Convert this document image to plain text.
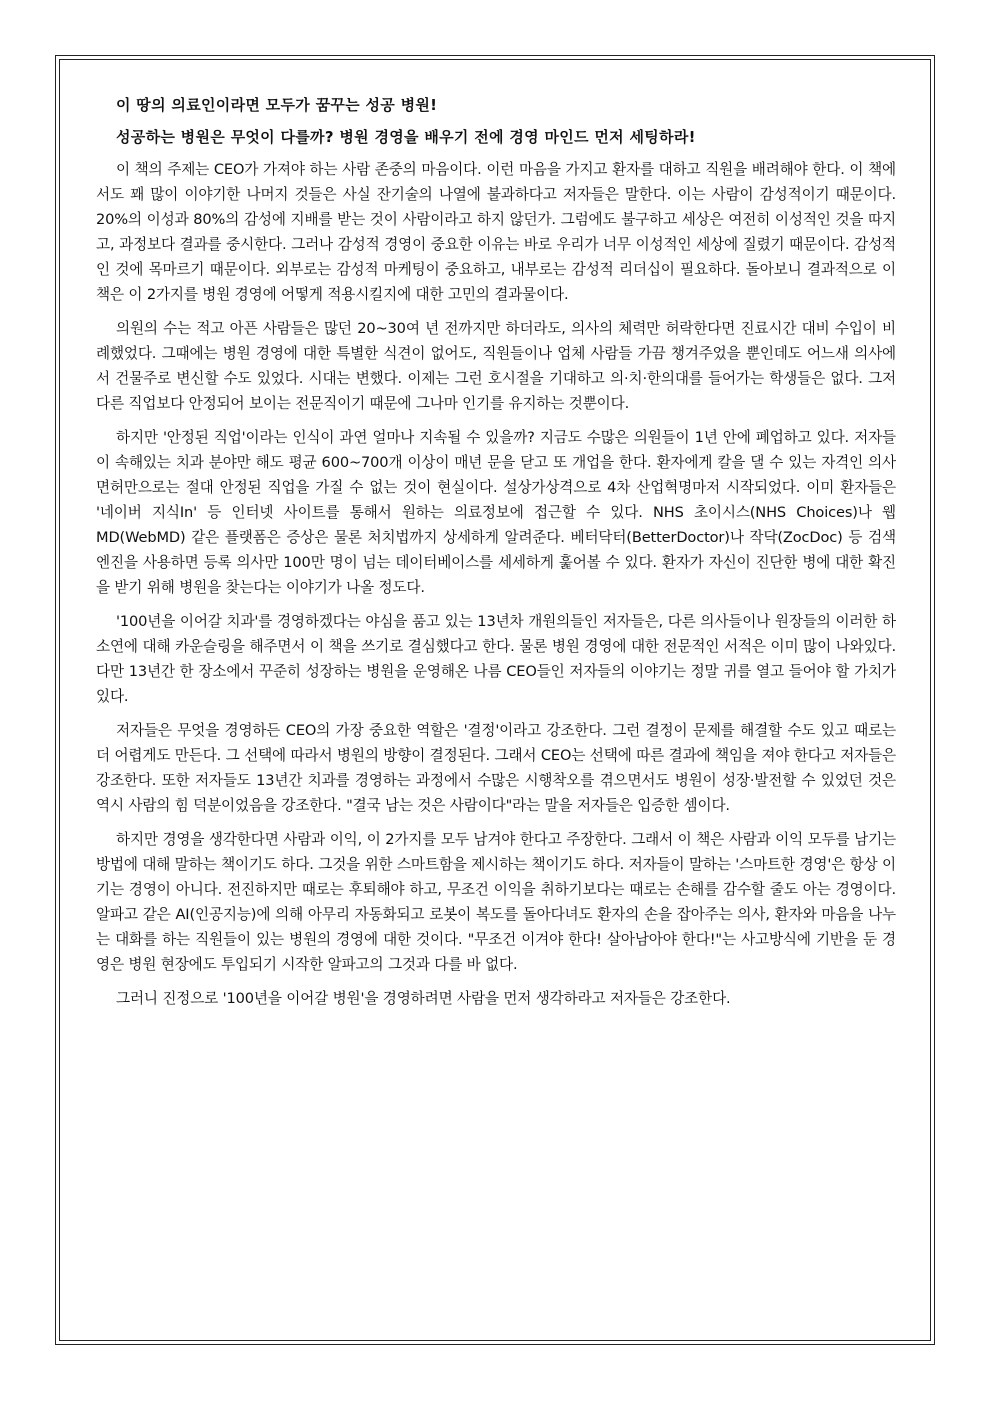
이 땅의 의료인이라면 모두가 꿈꾸는 성공 병원!

성공하는 병원은 무엇이 다를까? 병원 경영을 배우기 전에 경영 마인드 먼저 세팅하라!

이 책의 주제는 CEO가 가져야 하는 사람 존중의 마음이다. 이런 마음을 가지고 환자를 대하고 직원을 배려해야 한다. 이 책에서도 꽤 많이 이야기한 나머지 것들은 사실 잔기술의 나열에 불과하다고 저자들은 말한다. 이는 사람이 감성적이기 때문이다. 20%의 이성과 80%의 감성에 지배를 받는 것이 사람이라고 하지 않던가. 그럼에도 불구하고 세상은 여전히 이성적인 것을 따지고, 과정보다 결과를 중시한다. 그러나 감성적 경영이 중요한 이유는 바로 우리가 너무 이성적인 세상에 질렸기 때문이다. 감성적인 것에 목마르기 때문이다. 외부로는 감성적 마케팅이 중요하고, 내부로는 감성적 리더십이 필요하다. 돌아보니 결과적으로 이 책은 이 2가지를 병원 경영에 어떻게 적용시킬지에 대한 고민의 결과물이다.

의원의 수는 적고 아픈 사람들은 많던 20~30여 년 전까지만 하더라도, 의사의 체력만 허락한다면 진료시간 대비 수입이 비례했었다. 그때에는 병원 경영에 대한 특별한 식견이 없어도, 직원들이나 업체 사람들 가끔 챙겨주었을 뿐인데도 어느새 의사에서 건물주로 변신할 수도 있었다. 시대는 변했다. 이제는 그런 호시절을 기대하고 의·치·한의대를 들어가는 학생들은 없다. 그저 다른 직업보다 안정되어 보이는 전문직이기 때문에 그나마 인기를 유지하는 것뿐이다.

하지만 '안정된 직업'이라는 인식이 과연 얼마나 지속될 수 있을까? 지금도 수많은 의원들이 1년 안에 폐업하고 있다. 저자들이 속해있는 치과 분야만 해도 평균 600~700개 이상이 매년 문을 닫고 또 개업을 한다. 환자에게 칼을 댈 수 있는 자격인 의사면허만으로는 절대 안정된 직업을 가질 수 없는 것이 현실이다. 설상가상격으로 4차 산업혁명마저 시작되었다. 이미 환자들은 '네이버 지식In' 등 인터넷 사이트를 통해서 원하는 의료정보에 접근할 수 있다. NHS 초이시스(NHS Choices)나 웹MD(WebMD) 같은 플랫폼은 증상은 물론 처치법까지 상세하게 알려준다. 베터닥터(BetterDoctor)나 작닥(ZocDoc) 등 검색엔진을 사용하면 등록 의사만 100만 명이 넘는 데이터베이스를 세세하게 훑어볼 수 있다. 환자가 자신이 진단한 병에 대한 확진을 받기 위해 병원을 찾는다는 이야기가 나올 정도다.

'100년을 이어갈 치과'를 경영하겠다는 야심을 품고 있는 13년차 개원의들인 저자들은, 다른 의사들이나 원장들의 이러한 하소연에 대해 카운슬링을 해주면서 이 책을 쓰기로 결심했다고 한다. 물론 병원 경영에 대한 전문적인 서적은 이미 많이 나와있다. 다만 13년간 한 장소에서 꾸준히 성장하는 병원을 운영해온 나름 CEO들인 저자들의 이야기는 정말 귀를 열고 들어야 할 가치가 있다.

저자들은 무엇을 경영하든 CEO의 가장 중요한 역할은 '결정'이라고 강조한다. 그런 결정이 문제를 해결할 수도 있고 때로는 더 어렵게도 만든다. 그 선택에 따라서 병원의 방향이 결정된다. 그래서 CEO는 선택에 따른 결과에 책임을 져야 한다고 저자들은 강조한다. 또한 저자들도 13년간 치과를 경영하는 과정에서 수많은 시행착오를 겪으면서도 병원이 성장·발전할 수 있었던 것은 역시 사람의 힘 덕분이었음을 강조한다. "결국 남는 것은 사람이다"라는 말을 저자들은 입증한 셈이다.

하지만 경영을 생각한다면 사람과 이익, 이 2가지를 모두 남겨야 한다고 주장한다. 그래서 이 책은 사람과 이익 모두를 남기는 방법에 대해 말하는 책이기도 하다. 그것을 위한 스마트함을 제시하는 책이기도 하다. 저자들이 말하는 '스마트한 경영'은 항상 이기는 경영이 아니다. 전진하지만 때로는 후퇴해야 하고, 무조건 이익을 취하기보다는 때로는 손해를 감수할 줄도 아는 경영이다. 알파고 같은 AI(인공지능)에 의해 아무리 자동화되고 로봇이 복도를 돌아다녀도 환자의 손을 잡아주는 의사, 환자와 마음을 나누는 대화를 하는 직원들이 있는 병원의 경영에 대한 것이다. "무조건 이겨야 한다! 살아남아야 한다!"는 사고방식에 기반을 둔 경영은 병원 현장에도 투입되기 시작한 알파고의 그것과 다를 바 없다.

그러니 진정으로 '100년을 이어갈 병원'을 경영하려면 사람을 먼저 생각하라고 저자들은 강조한다.
